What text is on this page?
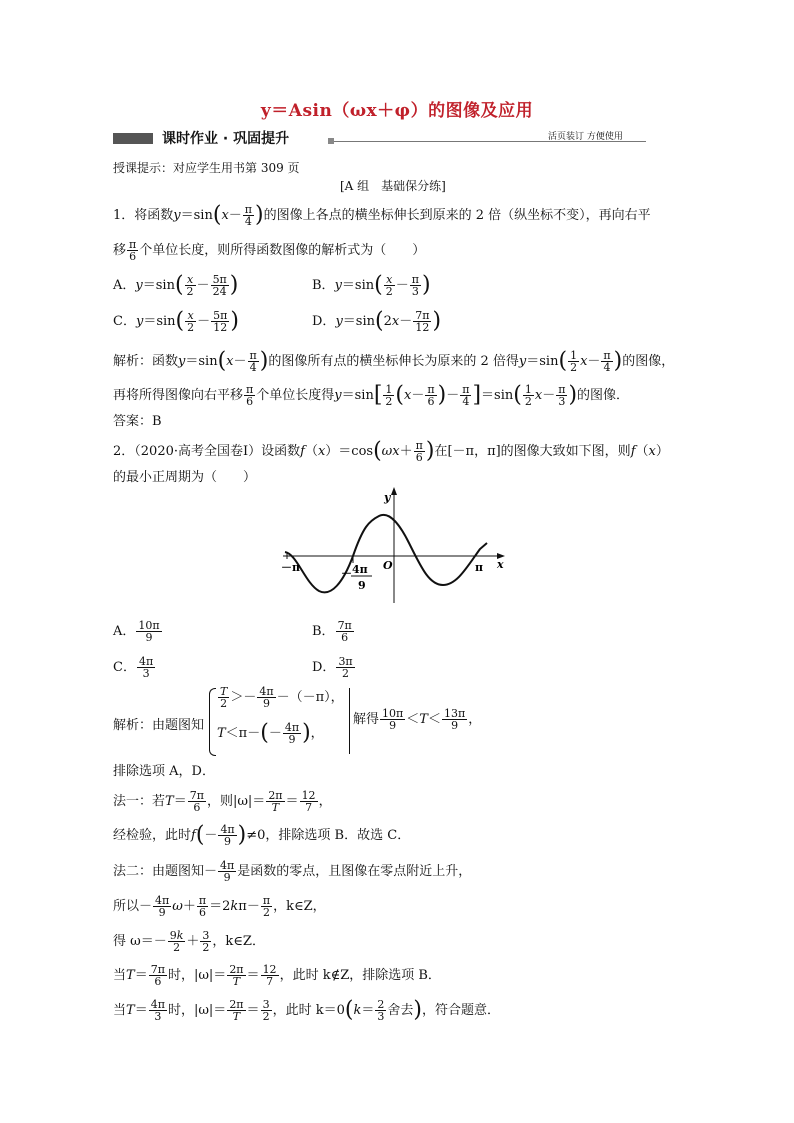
y＝Asin（ωx＋φ）的图像及应用
课时作业 · 巩固提升	活页装订 方便使用
授课提示：对应学生用书第 309 页
[A 组　基础保分练]
1．将函数$y=\sin(x- \frac{\pi}{4}$ )的图像上各点的横坐标伸长到原来的 2 倍（纵坐标不变），再向右平
移 $\frac{\pi}{6}$ 个单位长度，则所得函数图像的解析式为（　　）
A．$y=\sin( \frac{x}{2} - \frac{5\pi}{24}$ )	B．$y=\sin( \frac{x}{2} - \frac{\pi}{3}$ )
C．$y=\sin( \frac{x}{2} - \frac{5\pi}{12}$ )	D．$y=\sin(2x- \frac{7\pi}{12}$ )
解析：函数$y=\sin(x- \frac{\pi}{4}$ )的图像所有点的横坐标伸长为原来的 2 倍得$y=\sin( \frac{1}{2} x- \frac{\pi}{4}$ )的图像，
再将所得图像向右平移 $\frac{\pi}{6}$ 个单位长度得$y=\sin[ \frac{1}{2} (x- \frac{\pi}{6}$ )－ $\frac{\pi}{4} ]=\sin( \frac{1}{2} x- \frac{\pi}{3}$ )的图像．
答案：B
2．（2020·高考全国卷Ⅰ）设函数$f(x)=\cos(\omega x+ \frac{\pi}{6}$ )在[－π，π]的图像大致如下图，则f（x）
的最小正周期为（　　）
y
x
O
－π	π
－ 4π
9
A． $\frac{10\pi}{9}$	B． $\frac{7\pi}{6}$
C． $\frac{4\pi}{3}$	D． $\frac{3\pi}{2}$
解析：由题图知
$\frac{T}{2} >- \frac{4\pi}{9} -(-\pi)$，
$T<\pi-(- \frac{4\pi}{9}$ )，
解得 $\frac{10\pi}{9} <T< \frac{13\pi}{9}$ ，
排除选项 A，D．
法一：若$T= \frac{7\pi}{6}$ ，则$|\omega|= \frac{2\pi}{T} = \frac{12}{7}$ ，
经检验，此时$f(- \frac{4\pi}{9} )\ne 0$，排除选项 B．故选 C．
法二：由题图知－ $\frac{4\pi}{9}$ 是函数的零点，且图像在零点附近上升，
所以－ $\frac{4\pi}{9} \omega+ \frac{\pi}{6} =2k\pi- \frac{\pi}{2}$ ，k∈Z，
得 $\omega=- \frac{9k}{2} + \frac{3}{2}$ ，k∈Z．
当$T= \frac{7\pi}{6}$ 时，$|\omega|= \frac{2\pi}{T} = \frac{12}{7}$ ，此时 k∉Z，排除选项 B．
当$T= \frac{4\pi}{3}$ 时，$|\omega|= \frac{2\pi}{T} = \frac{3}{2}$ ，此时 $k=0(k= \frac{2}{3}$ 舍去)，符合题意．
